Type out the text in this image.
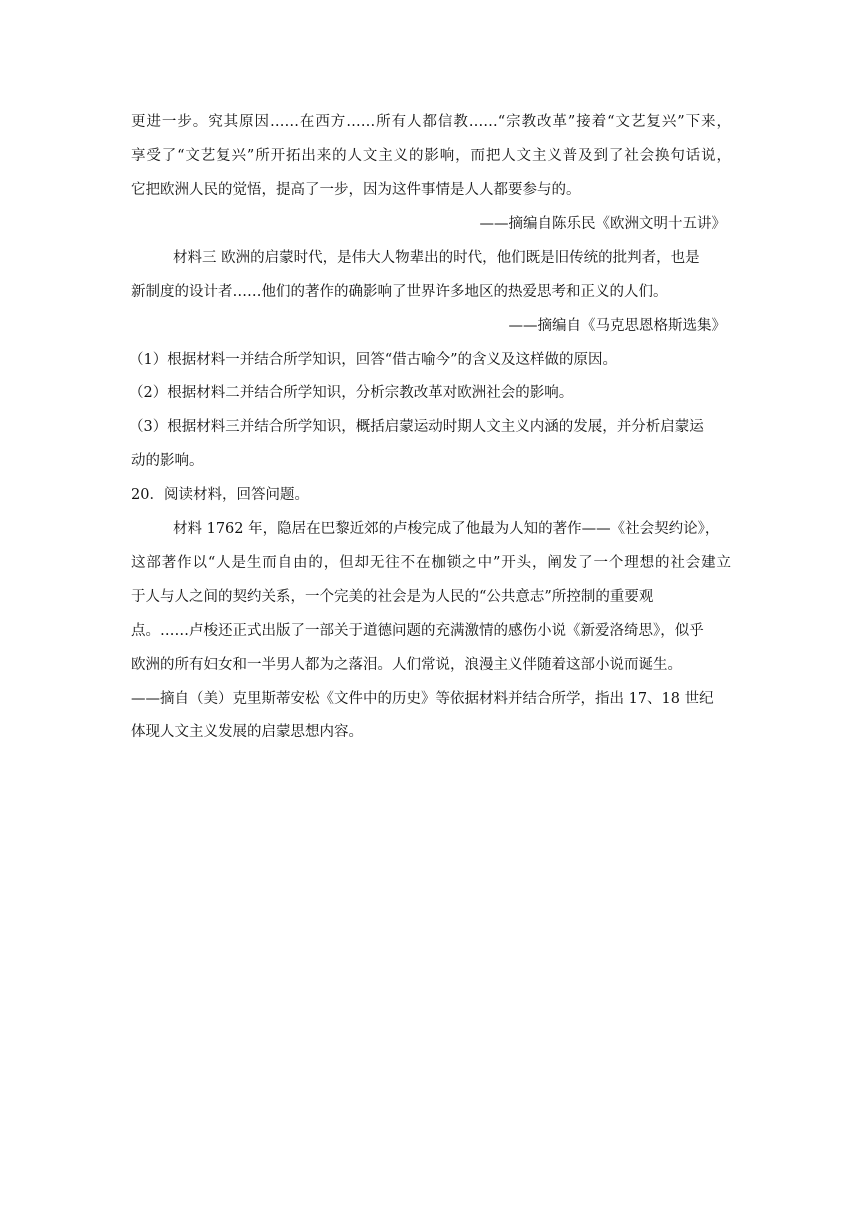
更进一步。究其原因……在西方……所有人都信教……“宗教改革”接着“文艺复兴”下来，
享受了“文艺复兴”所开拓出来的人文主义的影响，而把人文主义普及到了社会换句话说，
它把欧洲人民的觉悟，提高了一步，因为这件事情是人人都要参与的。
——摘编自陈乐民《欧洲文明十五讲》
材料三 欧洲的启蒙时代，是伟大人物辈出的时代，他们既是旧传统的批判者，也是
新制度的设计者……他们的著作的确影响了世界许多地区的热爱思考和正义的人们。
——摘编自《马克思恩格斯选集》
（1）根据材料一并结合所学知识，回答“借古喻今”的含义及这样做的原因。
（2）根据材料二并结合所学知识，分析宗教改革对欧洲社会的影响。
（3）根据材料三并结合所学知识，概括启蒙运动时期人文主义内涵的发展，并分析启蒙运
动的影响。
20．阅读材料，回答问题。
材料 1762 年，隐居在巴黎近郊的卢梭完成了他最为人知的著作——《社会契约论》，
这部著作以“人是生而自由的，但却无往不在枷锁之中”开头，阐发了一个理想的社会建立
于人与人之间的契约关系，一个完美的社会是为人民的“公共意志”所控制的重要观
点。……卢梭还正式出版了一部关于道德问题的充满激情的感伤小说《新爱洛绮思》，似乎
欧洲的所有妇女和一半男人都为之落泪。人们常说，浪漫主义伴随着这部小说而诞生。
——摘自（美）克里斯蒂安松《文件中的历史》等依据材料并结合所学，指出 17、18 世纪
体现人文主义发展的启蒙思想内容。
